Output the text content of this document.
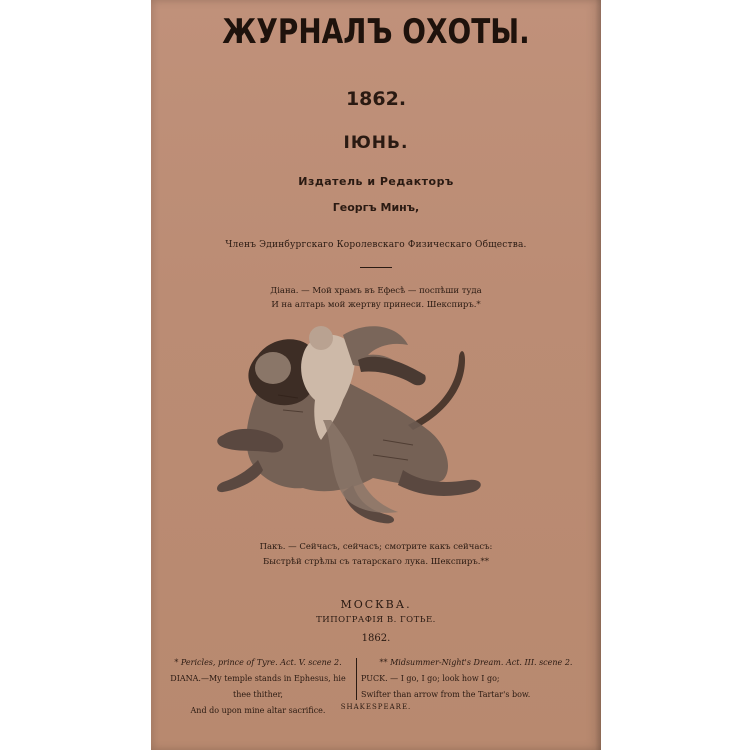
ЖУРНАЛЪ ОХОТЫ.
1862.
IЮНЬ.
Издатель и Редакторъ
Георгъ Минъ,
Членъ Эдинбургскаго Королевскаго Физическаго Общества.
Діана. — Мой храмъ въ Ефесѣ — поспѣши туда
И на алтарь мой жертву принеси. Шекспиръ.*
Пакъ. — Сейчасъ, сейчасъ; смотрите какъ сейчасъ:
Быстрѣй стрѣлы съ татарскаго лука. Шекспиръ.**
МОСКВА.
ТИПОГРАФІЯ В. ГОТЬЕ.
1862.
* Pericles, prince of Tyre. Act. V. scene 2.
DIANA.—My temple stands in Ephesus, hie thee thither,
And do upon mine altar sacrifice.
** Midsummer-Night's Dream. Act. III. scene 2.
PUCK. — I go, I go; look how I go;
Swifter than arrow from the Tartar's bow.
SHAKESPEARE.
